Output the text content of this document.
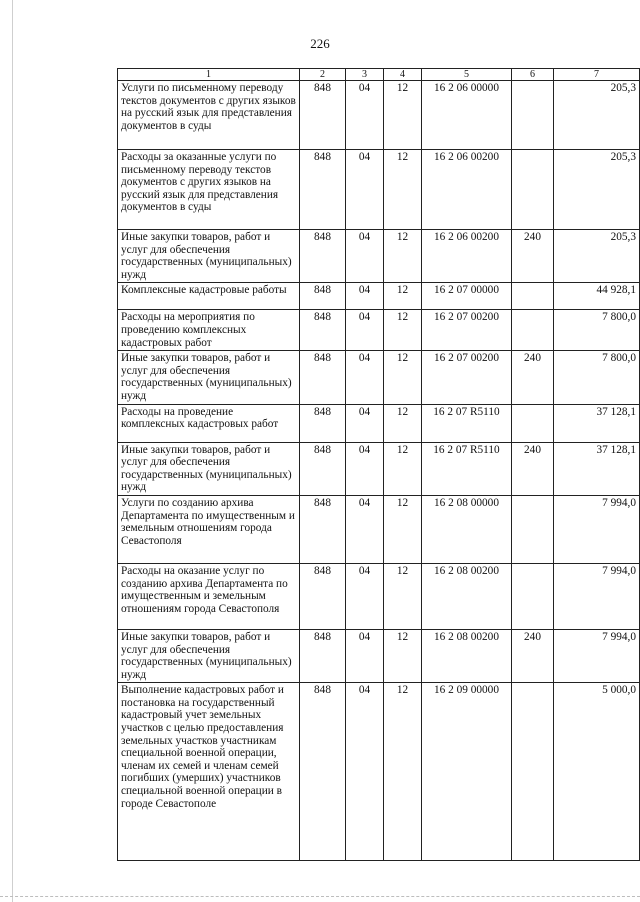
226
1	2	3	4	5	6	7
Услуги по письменному переводу текстов документов с других языков на русский язык для представления документов в суды	848	04	12	16 2 06 00000		205,3
Расходы за оказанные услуги по письменному переводу текстов документов с других языков на русский язык для представления документов в суды	848	04	12	16 2 06 00200		205,3
Иные закупки товаров, работ и услуг для обеспечения государственных (муниципальных) нужд	848	04	12	16 2 06 00200	240	205,3
Комплексные кадастровые работы	848	04	12	16 2 07 00000		44 928,1
Расходы на мероприятия по проведению комплексных кадастровых работ	848	04	12	16 2 07 00200		7 800,0
Иные закупки товаров, работ и услуг для обеспечения государственных (муниципальных) нужд	848	04	12	16 2 07 00200	240	7 800,0
Расходы на проведение комплексных кадастровых работ	848	04	12	16 2 07 R5110		37 128,1
Иные закупки товаров, работ и услуг для обеспечения государственных (муниципальных) нужд	848	04	12	16 2 07 R5110	240	37 128,1
Услуги по созданию архива Департамента по имущественным и земельным отношениям города Севастополя	848	04	12	16 2 08 00000		7 994,0
Расходы на оказание услуг по созданию архива Департамента по имущественным и земельным отношениям города Севастополя	848	04	12	16 2 08 00200		7 994,0
Иные закупки товаров, работ и услуг для обеспечения государственных (муниципальных) нужд	848	04	12	16 2 08 00200	240	7 994,0
Выполнение кадастровых работ и постановка на государственный кадастровый учет земельных участков с целью предоставления земельных участков участникам специальной военной операции, членам их семей и членам семей погибших (умерших) участников специальной военной операции в городе Севастополе	848	04	12	16 2 09 00000		5 000,0
